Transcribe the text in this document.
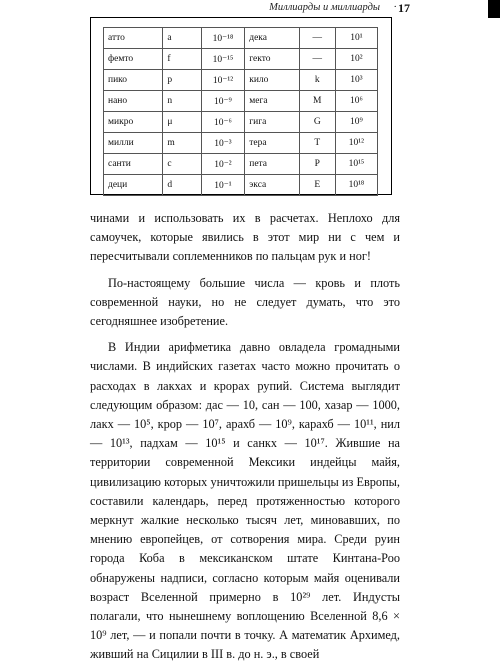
Миллиарды и миллиарды · 17
атто	a	10⁻¹⁸	дека	—	10¹
фемто	f	10⁻¹⁵	гекто	—	10²
пико	p	10⁻¹²	кило	k	10³
нано	n	10⁻⁹	мега	M	10⁶
микро	μ	10⁻⁶	гига	G	10⁹
милли	m	10⁻³	тера	T	10¹²
санти	c	10⁻²	пета	P	10¹⁵
деци	d	10⁻¹	экса	E	10¹⁸

чинами и использовать их в расчетах. Неплохо для самоучек, которые явились в этот мир ни с чем и пересчитывали соплеменников по пальцам рук и ног!

По-настоящему большие числа — кровь и плоть современной науки, но не следует думать, что это сегодняшнее изобретение.

В Индии арифметика давно овладела громадными числами. В индийских газетах часто можно прочитать о расходах в лакхах и крорах рупий. Система выглядит следующим образом: дас — 10, сан — 100, хазар — 1000, лакх — 10⁵, крор — 10⁷, арахб — 10⁹, карахб — 10¹¹, нил — 10¹³, падхам — 10¹⁵ и санкх — 10¹⁷. Жившие на территории современной Мексики индейцы майя, цивилизацию которых уничтожили пришельцы из Европы, составили календарь, перед протяженностью которого меркнут жалкие несколько тысяч лет, миновавших, по мнению европейцев, от сотворения мира. Среди руин города Коба в мексиканском штате Кинтана-Роо обнаружены надписи, согласно которым майя оценивали возраст Вселенной примерно в 10²⁹ лет. Индусты полагали, что нынешнему воплощению Вселенной 8,6 × 10⁹ лет, — и попали почти в точку. А математик Архимед, живший на Сицилии в III в. до н. э., в своей
